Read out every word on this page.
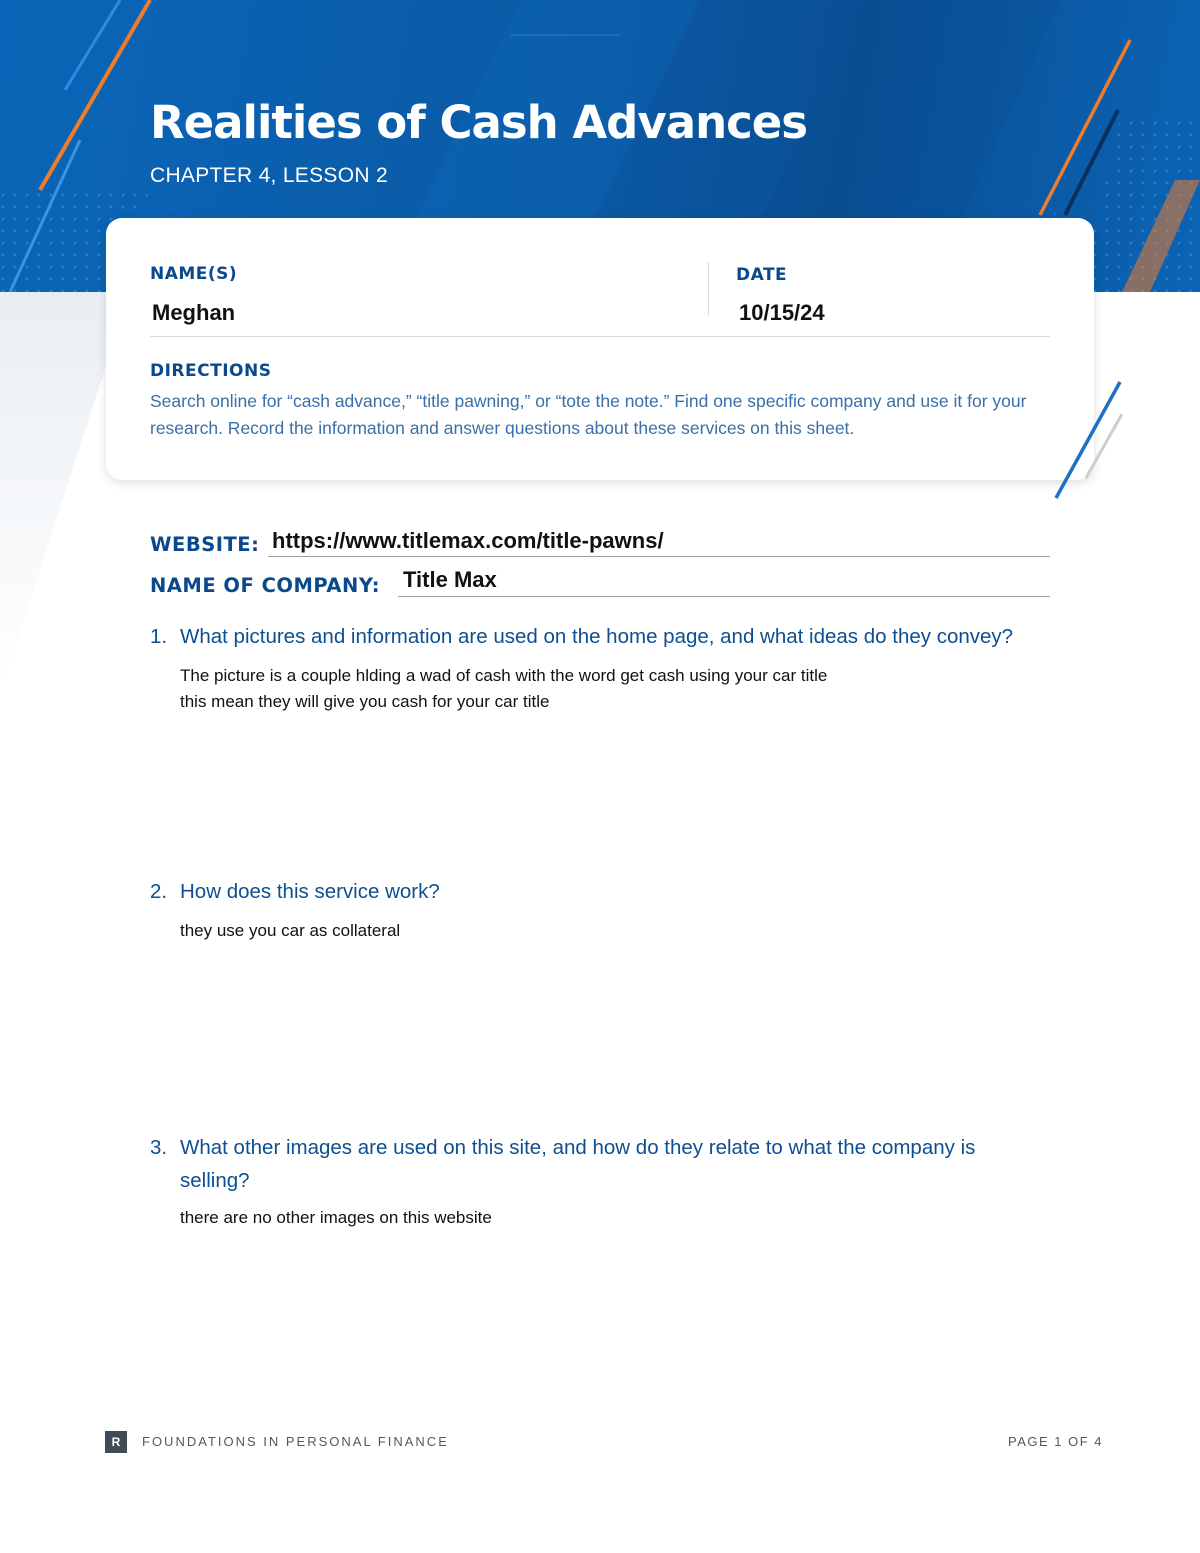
Realities of Cash Advances
CHAPTER 4, LESSON 2
NAME(S)
Meghan
DATE
10/15/24
DIRECTIONS
Search online for “cash advance,” “title pawning,” or “tote the note.” Find one specific company and use it for your research. Record the information and answer questions about these services on this sheet.
WEBSITE: https://www.titlemax.com/title-pawns/
NAME OF COMPANY: Title Max
1. What pictures and information are used on the home page, and what ideas do they convey?
The picture is a couple hlding a wad of cash with the word get cash using your car title
this mean they will give you cash for your car title
2. How does this service work?
they use you car as collateral
3. What other images are used on this site, and how do they relate to what the company is selling?
there are no other images on this website
R	FOUNDATIONS IN PERSONAL FINANCE	PAGE 1 OF 4
